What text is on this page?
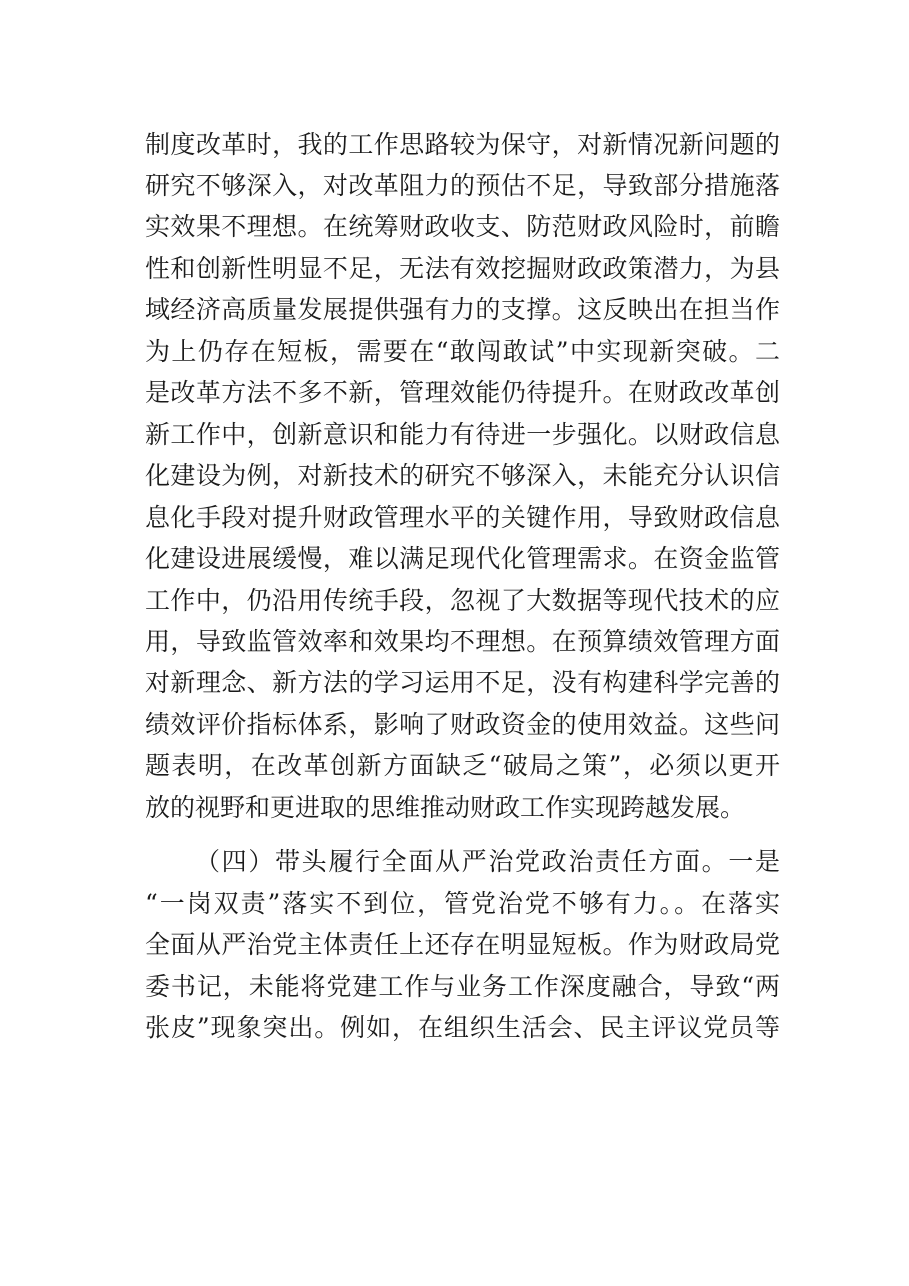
制度改革时，我的工作思路较为保守，对新情况新问题的
研究不够深入，对改革阻力的预估不足，导致部分措施落
实效果不理想。在统筹财政收支、防范财政风险时，前瞻
性和创新性明显不足，无法有效挖掘财政政策潜力，为县
域经济高质量发展提供强有力的支撑。这反映出在担当作
为上仍存在短板，需要在“敢闯敢试”中实现新突破。二
是改革方法不多不新，管理效能仍待提升。在财政改革创
新工作中，创新意识和能力有待进一步强化。以财政信息
化建设为例，对新技术的研究不够深入，未能充分认识信
息化手段对提升财政管理水平的关键作用，导致财政信息
化建设进展缓慢，难以满足现代化管理需求。在资金监管
工作中，仍沿用传统手段，忽视了大数据等现代技术的应
用，导致监管效率和效果均不理想。在预算绩效管理方面
对新理念、新方法的学习运用不足，没有构建科学完善的
绩效评价指标体系，影响了财政资金的使用效益。这些问
题表明，在改革创新方面缺乏“破局之策”，必须以更开
放的视野和更进取的思维推动财政工作实现跨越发展。
（四）带头履行全面从严治党政治责任方面。一是
“一岗双责”落实不到位，管党治党不够有力。。在落实
全面从严治党主体责任上还存在明显短板。作为财政局党
委书记，未能将党建工作与业务工作深度融合，导致“两
张皮”现象突出。例如，在组织生活会、民主评议党员等
